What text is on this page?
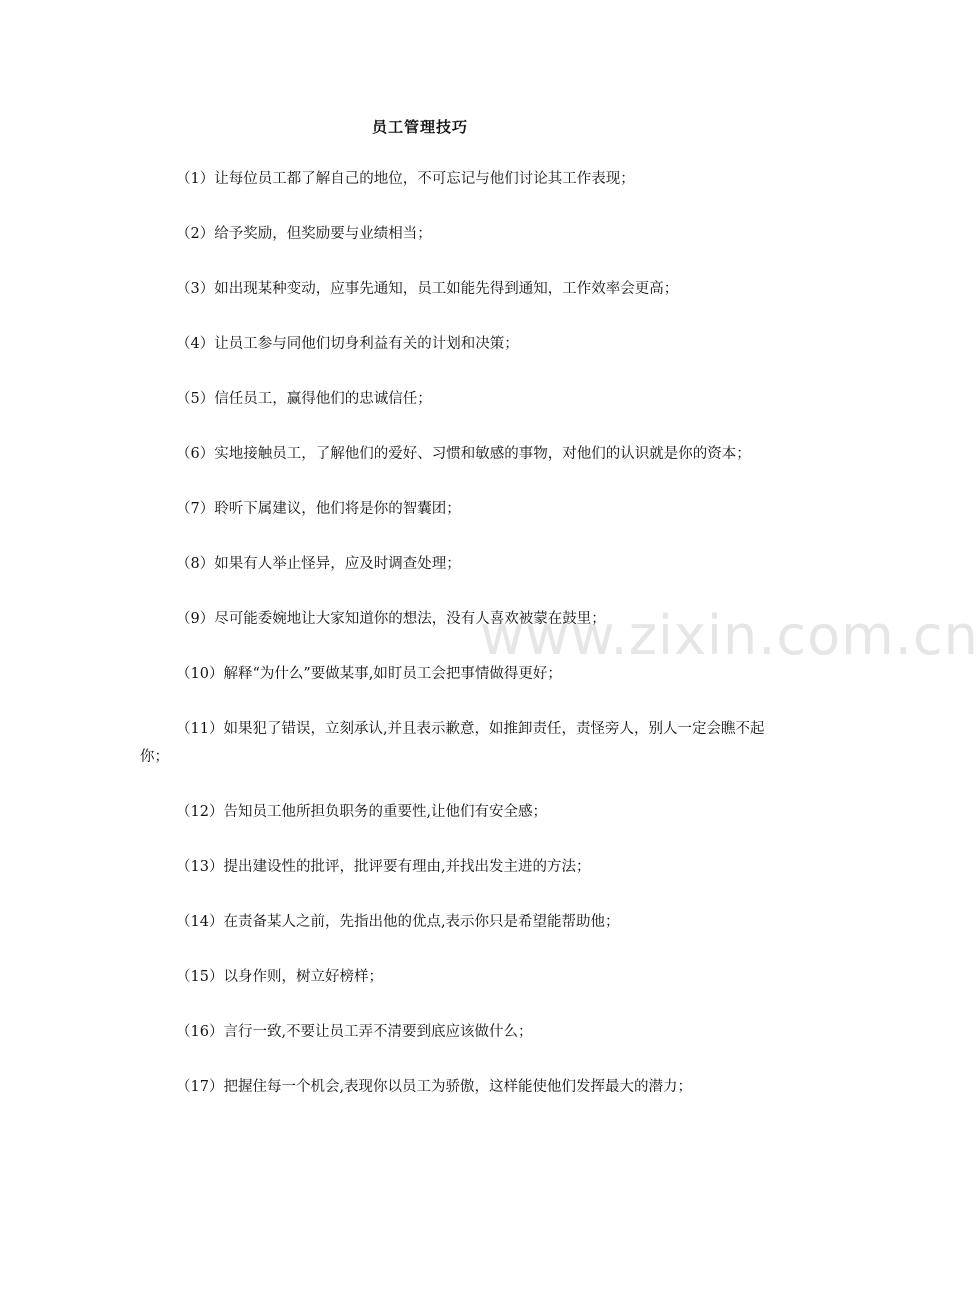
员工管理技巧
（1）让每位员工都了解自己的地位，不可忘记与他们讨论其工作表现；
（2）给予奖励，但奖励要与业绩相当；
（3）如出现某种变动，应事先通知，员工如能先得到通知，工作效率会更高；
（4）让员工参与同他们切身利益有关的计划和决策；
（5）信任员工，赢得他们的忠诚信任；
（6）实地接触员工，了解他们的爱好、习惯和敏感的事物，对他们的认识就是你的资本；
（7）聆听下属建议，他们将是你的智囊团；
（8）如果有人举止怪异，应及时调查处理；
（9）尽可能委婉地让大家知道你的想法，没有人喜欢被蒙在鼓里；
（10）解释“为什么”要做某事,如盯员工会把事情做得更好；
（11）如果犯了错误，立刻承认,并且表示歉意，如推卸责任，责怪旁人，别人一定会瞧不起你；
（12）告知员工他所担负职务的重要性,让他们有安全感；
（13）提出建设性的批评，批评要有理由,并找出发主进的方法；
（14）在责备某人之前，先指出他的优点,表示你只是希望能帮助他；
（15）以身作则，树立好榜样；
（16）言行一致,不要让员工弄不清要到底应该做什么；
（17）把握住每一个机会,表现你以员工为骄傲，这样能使他们发挥最大的潜力；
www.zixin.com.cn
